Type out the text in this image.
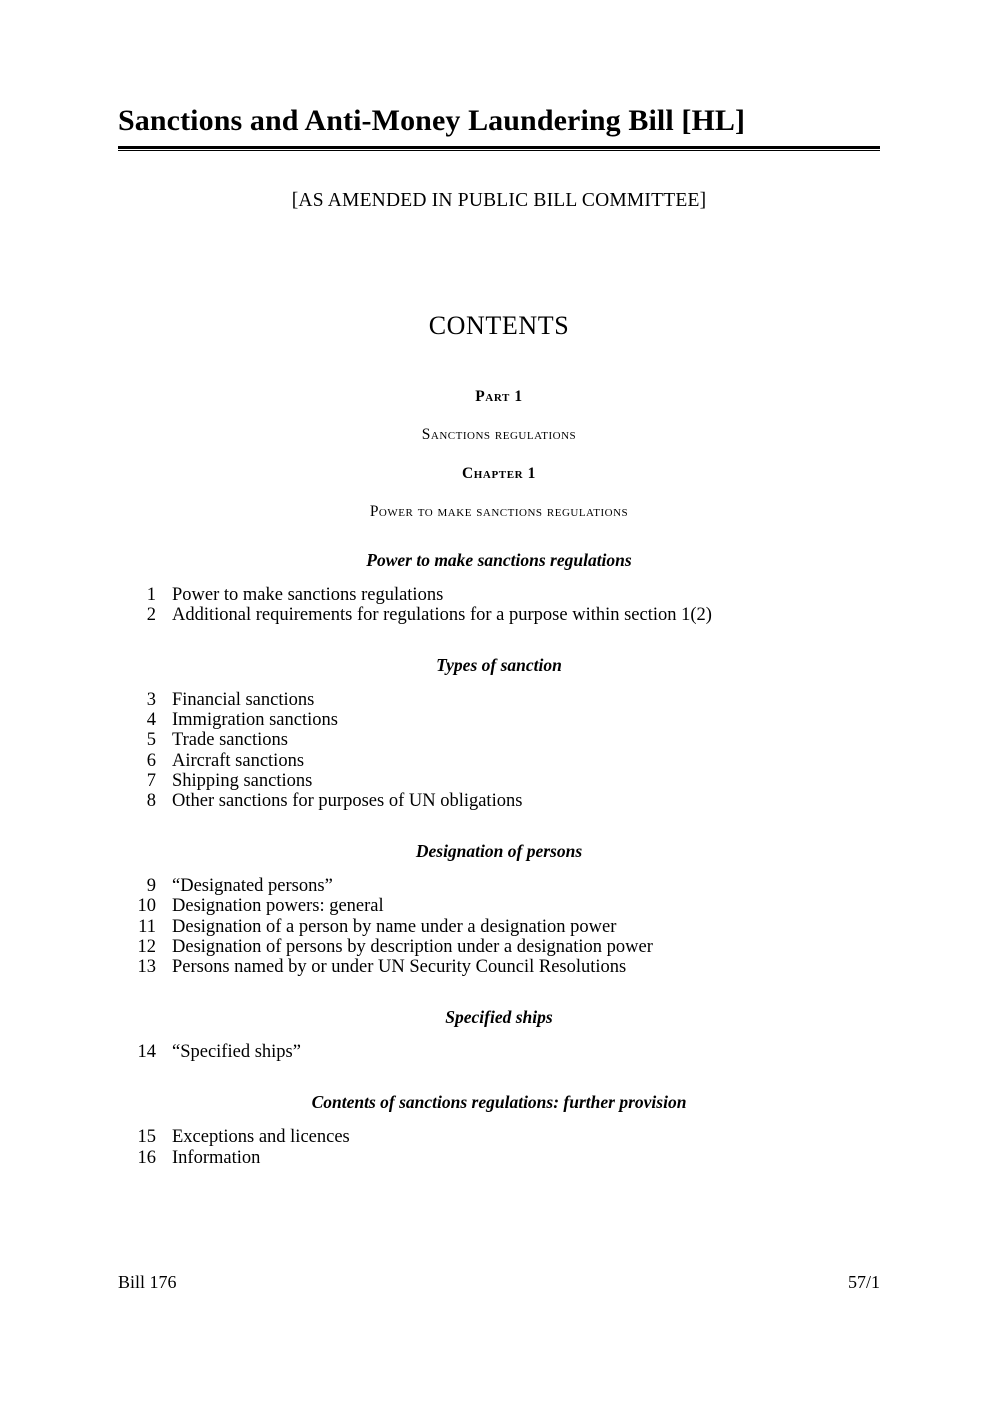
Sanctions and Anti-Money Laundering Bill [HL]

[AS AMENDED IN PUBLIC BILL COMMITTEE]

CONTENTS
Part 1
Sanctions regulations
Chapter 1
Power to make sanctions regulations
Power to make sanctions regulations
1 Power to make sanctions regulations
2 Additional requirements for regulations for a purpose within section 1(2)
Types of sanction
3 Financial sanctions
4 Immigration sanctions
5 Trade sanctions
6 Aircraft sanctions
7 Shipping sanctions
8 Other sanctions for purposes of UN obligations
Designation of persons
9 “Designated persons”
10 Designation powers: general
11 Designation of a person by name under a designation power
12 Designation of persons by description under a designation power
13 Persons named by or under UN Security Council Resolutions
Specified ships
14 “Specified ships”
Contents of sanctions regulations: further provision
15 Exceptions and licences
16 Information
Bill 176	57/1
